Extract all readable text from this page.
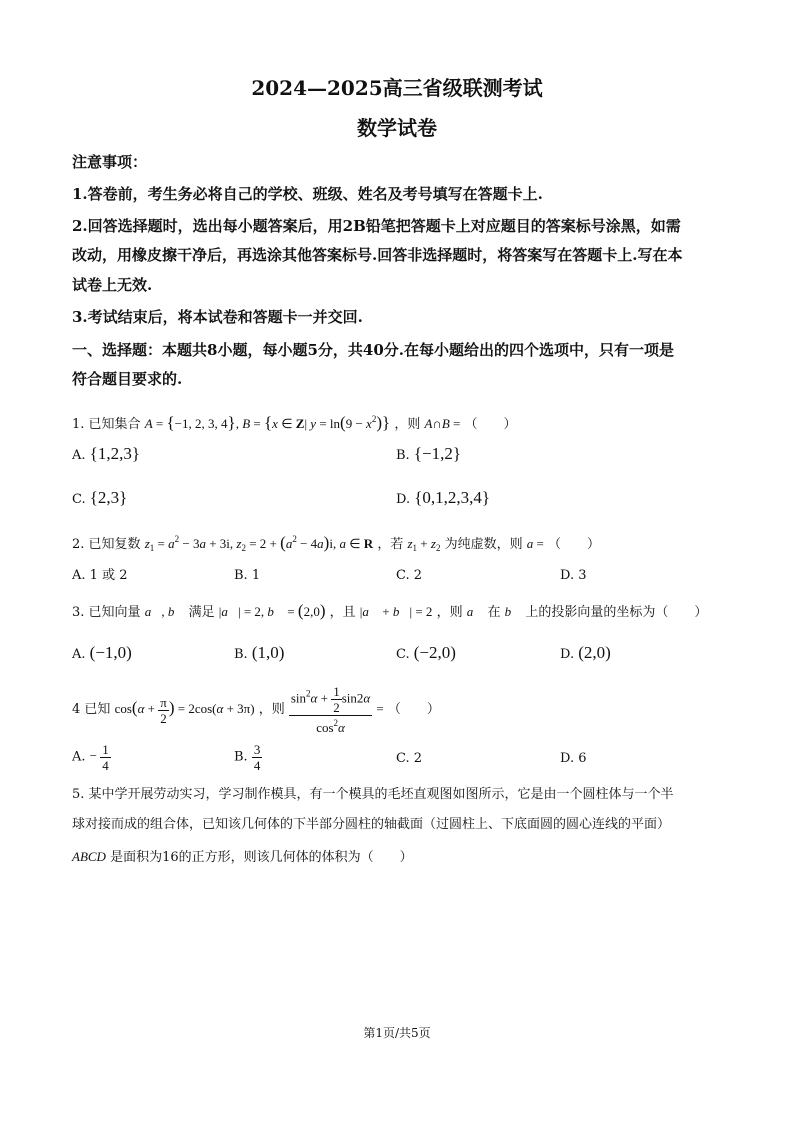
2024—2025高三省级联测考试
数学试卷
注意事项：
1.答卷前，考生务必将自己的学校、班级、姓名及考号填写在答题卡上.
2.回答选择题时，选出每小题答案后，用2B铅笔把答题卡上对应题目的答案标号涂黑，如需
改动，用橡皮擦干净后，再选涂其他答案标号.回答非选择题时，将答案写在答题卡上.写在本
试卷上无效.
3.考试结束后，将本试卷和答题卡一并交回.
一、选择题：本题共8小题，每小题5分，共40分.在每小题给出的四个选项中，只有一项是
符合题目要求的.
1. 已知集合 A = {−1, 2, 3, 4}, B = {x ∈ Z| $y = \ln(9 - x^2)$} ，则 A∩B = （　　）
A. {1,2,3}	B. {−1,2}
C. {2,3}	D. {0,1,2,3,4}
2. 已知复数 $z_1 = a^2 - 3a + 3i$, $z_2 = 2 + (a^2 - 4a)i$, a ∈ R ，若 $z_1 + z_2$ 为纯虚数，则 a = （　　）
A. 1 或 2	B. 1	C. 2	D. 3
3. 已知向量 a⃗, b⃗ 满足 |a⃗| = 2, b⃗ = (2,0) ，且 |a⃗ + b⃗| = 2 ，则 a⃗ 在 b⃗ 上的投影向量的坐标为（　　）
A. (−1,0)	B. (1,0)	C. (−2,0)	D. (2,0)
4 已知 $\cos(\alpha + \frac{\pi}{2}$ ) = 2cos(α + 3π) ，则 $\frac{\sin^2\alpha + \frac{1}{2} \sin 2\alpha}{\cos^2\alpha}$ = （　　）
A. − $\frac{1}{4}$	B. $\frac{3}{4}$	C. 2	D. 6
5. 某中学开展劳动实习，学习制作模具，有一个模具的毛坯直观图如图所示，它是由一个圆柱体与一个半
球对接而成的组合体，已知该几何体的下半部分圆柱的轴截面（过圆柱上、下底面圆的圆心连线的平面）
ABCD 是面积为16的正方形，则该几何体的体积为（　　）
第1页/共5页
